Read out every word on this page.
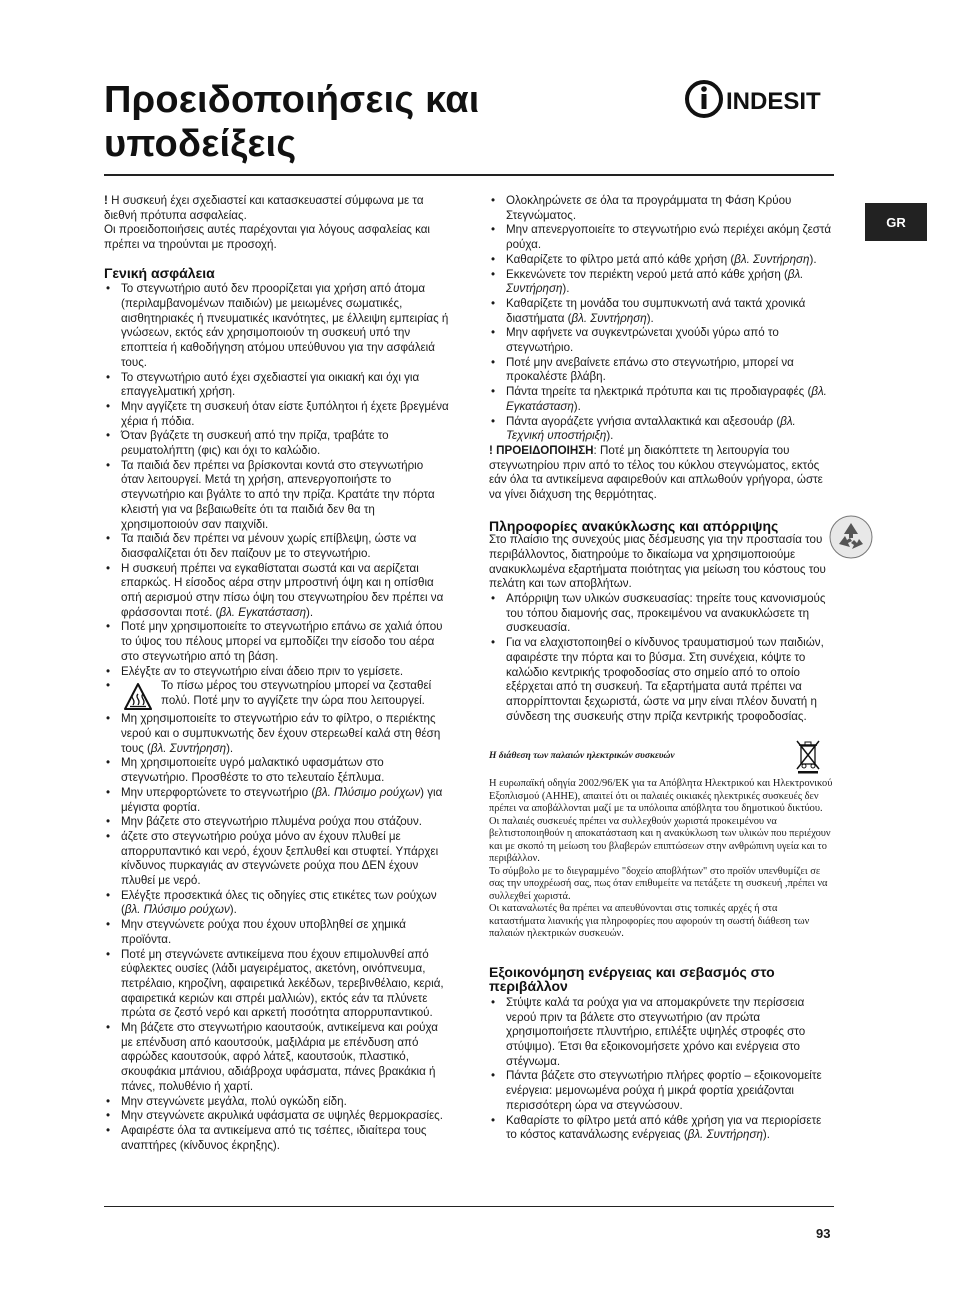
Προειδοποιήσεις και υποδείξεις
INDESIT
GR

! Η συσκευή έχει σχεδιαστεί και κατασκευαστεί σύμφωνα με τα διεθνή πρότυπα ασφαλείας.

Οι προειδοποιήσεις αυτές παρέχονται για λόγους ασφαλείας και πρέπει να τηρούνται με προσοχή.

Γενική ασφάλεια
• Το στεγνωτήριο αυτό δεν προορίζεται για χρήση από άτομα (περιλαμβανομένων παιδιών) με μειωμένες σωματικές, αισθητηριακές ή πνευματικές ικανότητες, με έλλειψη εμπειρίας ή γνώσεων, εκτός εάν χρησιμοποιούν τη συσκευή υπό την εποπτεία ή καθοδήγηση ατόμου υπεύθυνου για την ασφάλειά τους.
• Το στεγνωτήριο αυτό έχει σχεδιαστεί για οικιακή και όχι για επαγγελματική χρήση.
• Μην αγγίζετε τη συσκευή όταν είστε ξυπόλητοι ή έχετε βρεγμένα χέρια ή πόδια.
• Όταν βγάζετε τη συσκευή από την πρίζα, τραβάτε το ρευματολήπτη (φις) και όχι το καλώδιο.
• Τα παιδιά δεν πρέπει να βρίσκονται κοντά στο στεγνωτήριο όταν λειτουργεί. Μετά τη χρήση, απενεργοποιήστε το στεγνωτήριο και βγάλτε το από την πρίζα. Κρατάτε την πόρτα κλειστή για να βεβαιωθείτε ότι τα παιδιά δεν θα τη χρησιμοποιούν σαν παιχνίδι.
• Τα παιδιά δεν πρέπει να μένουν χωρίς επίβλεψη, ώστε να διασφαλίζεται ότι δεν παίζουν με το στεγνωτήριο.
• Η συσκευή πρέπει να εγκαθίσταται σωστά και να αερίζεται επαρκώς. Η είσοδος αέρα στην μπροστινή όψη και η οπίσθια οπή αερισμού στην πίσω όψη του στεγνωτηρίου δεν πρέπει να φράσσονται ποτέ. (βλ. Εγκατάσταση).
• Ποτέ μην χρησιμοποιείτε το στεγνωτήριο επάνω σε χαλιά όπου το ύψος του πέλους μπορεί να εμποδίζει την είσοδο του αέρα στο στεγνωτήριο από τη βάση.
• Ελέγξτε αν το στεγνωτήριο είναι άδειο πριν το γεμίσετε.
• Το πίσω μέρος του στεγνωτηρίου μπορεί να ζεσταθεί πολύ. Ποτέ μην το αγγίζετε την ώρα που λειτουργεί.
• Μη χρησιμοποιείτε το στεγνωτήριο εάν το φίλτρο, ο περιέκτης νερού και ο συμπυκνωτής δεν έχουν στερεωθεί καλά στη θέση τους (βλ. Συντήρηση).
• Μη χρησιμοποιείτε υγρό μαλακτικό υφασμάτων στο στεγνωτήριο. Προσθέστε το στο τελευταίο ξέπλυμα.
• Μην υπερφορτώνετε το στεγνωτήριο (βλ. Πλύσιμο ρούχων) για μέγιστα φορτία.
• Μην βάζετε στο στεγνωτήριο πλυμένα ρούχα που στάζουν.
• άζετε στο στεγνωτήριο ρούχα μόνο αν έχουν πλυθεί με απορρυπαντικό και νερό, έχουν ξεπλυθεί και στυφτεί. Υπάρχει κίνδυνος πυρκαγιάς αν στεγνώνετε ρούχα που ΔΕΝ έχουν πλυθεί με νερό.
• Ελέγξτε προσεκτικά όλες τις οδηγίες στις ετικέτες των ρούχων (βλ. Πλύσιμο ρούχων).
• Μην στεγνώνετε ρούχα που έχουν υποβληθεί σε χημικά προϊόντα.
• Ποτέ μη στεγνώνετε αντικείμενα που έχουν επιμολυνθεί από εύφλεκτες ουσίες (λάδι μαγειρέματος, ακετόνη, οινόπνευμα, πετρέλαιο, κηροζίνη, αφαιρετικά λεκέδων, τερεβινθέλαιο, κεριά, αφαιρετικά κεριών και σπρέι μαλλιών), εκτός εάν τα πλύνετε πρώτα σε ζεστό νερό και αρκετή ποσότητα απορρυπαντικού.
• Μη βάζετε στο στεγνωτήριο καουτσούκ, αντικείμενα και ρούχα με επένδυση από καουτσούκ, μαξιλάρια με επένδυση από αφρώδες καουτσούκ, αφρό λάτεξ, καουτσούκ, πλαστικό, σκουφάκια μπάνιου, αδιάβροχα υφάσματα, πάνες βρακάκια ή πάνες, πολυθένιο ή χαρτί.
• Μην στεγνώνετε μεγάλα, πολύ ογκώδη είδη.
• Μην στεγνώνετε ακρυλικά υφάσματα σε υψηλές θερμοκρασίες.
• Αφαιρέστε όλα τα αντικείμενα από τις τσέπες, ιδιαίτερα τους αναπτήρες (κίνδυνος έκρηξης).
• Ολοκληρώνετε σε όλα τα προγράμματα τη Φάση Κρύου Στεγνώματος.
• Μην απενεργοποιείτε το στεγνωτήριο ενώ περιέχει ακόμη ζεστά ρούχα.
• Καθαρίζετε το φίλτρο μετά από κάθε χρήση (βλ. Συντήρηση).
• Εκκενώνετε τον περιέκτη νερού μετά από κάθε χρήση (βλ. Συντήρηση).
• Καθαρίζετε τη μονάδα του συμπυκνωτή ανά τακτά χρονικά διαστήματα (βλ. Συντήρηση).
• Μην αφήνετε να συγκεντρώνεται χνούδι γύρω από το στεγνωτήριο.
• Ποτέ μην ανεβαίνετε επάνω στο στεγνωτήριο, μπορεί να προκαλέστε βλάβη.
• Πάντα τηρείτε τα ηλεκτρικά πρότυπα και τις προδιαγραφές (βλ. Εγκατάσταση).
• Πάντα αγοράζετε γνήσια ανταλλακτικά και αξεσουάρ (βλ. Τεχνική υποστήριξη).

! ΠΡΟΕΙΔΟΠΟΙΗΣΗ: Ποτέ μη διακόπτετε τη λειτουργία του στεγνωτηρίου πριν από το τέλος του κύκλου στεγνώματος, εκτός εάν όλα τα αντικείμενα αφαιρεθούν και απλωθούν γρήγορα, ώστε να γίνει διάχυση της θερμότητας.

Πληροφορίες ανακύκλωσης και απόρριψης

Στο πλαίσιο της συνεχούς μιας δέσμευσης για την προστασία του περιβάλλοντος, διατηρούμε το δικαίωμα να χρησιμοποιούμε ανακυκλωμένα εξαρτήματα ποιότητας για μείωση του κόστους του πελάτη και των αποβλήτων.

• Απόρριψη των υλικών συσκευασίας: τηρείτε τους κανονισμούς του τόπου διαμονής σας, προκειμένου να ανακυκλώσετε τη συσκευασία.
• Για να ελαχιστοποιηθεί ο κίνδυνος τραυματισμού των παιδιών, αφαιρέστε την πόρτα και το βύσμα. Στη συνέχεια, κόψτε το καλώδιο κεντρικής τροφοδοσίας στο σημείο από το οποίο εξέρχεται από τη συσκευή. Τα εξαρτήματα αυτά πρέπει να απορρίπτονται ξεχωριστά, ώστε να μην είναι πλέον δυνατή η σύνδεση της συσκευής στην πρίζα κεντρικής τροφοδοσίας.
Η διάθεση των παλαιών ηλεκτρικών συσκευών

Η ευρωπαϊκή οδηγία 2002/96/ΕΚ για τα Απόβλητα Ηλεκτρικού και Ηλεκτρονικού Εξοπλισμού (ΑΗΗΕ), απαιτεί ότι οι παλαιές οικιακές ηλεκτρικές συσκευές δεν πρέπει να αποβάλλονται μαζί με τα υπόλοιπα απόβλητα του δημοτικού δικτύου. Οι παλαιές συσκευές πρέπει να συλλεχθούν χωριστά προκειμένου να βελτιστοποιηθούν η αποκατάσταση και η ανακύκλωση των υλικών που περιέχουν και με σκοπό τη μείωση του βλαβερών επιπτώσεων στην ανθρώπινη υγεία και το περιβάλλον.

Το σύμβολο με το διεγραμμένο "δοχείο αποβλήτων" στο προϊόν υπενθυμίζει σε σας την υποχρέωσή σας, πως όταν επιθυμείτε να πετάξετε τη συσκευή ,πρέπει να συλλεχθεί χωριστά.

Οι καταναλωτές θα πρέπει να απευθύνονται στις τοπικές αρχές ή στα καταστήματα λιανικής για πληροφορίες που αφορούν τη σωστή διάθεση των παλαιών ηλεκτρικών συσκευών.

Εξοικονόμηση ενέργειας και σεβασμός στο περιβάλλον
• Στύψτε καλά τα ρούχα για να απομακρύνετε την περίσσεια νερού πριν τα βάλετε στο στεγνωτήριο (αν πρώτα χρησιμοποιήσετε πλυντήριο, επιλέξτε υψηλές στροφές στο στύψιμο). Έτσι θα εξοικονομήσετε χρόνο και ενέργεια στο στέγνωμα.
• Πάντα βάζετε στο στεγνωτήριο πλήρες φορτίο – εξοικονομείτε ενέργεια: μεμονωμένα ρούχα ή μικρά φορτία χρειάζονται περισσότερη ώρα να στεγνώσουν.
• Καθαρίστε το φίλτρο μετά από κάθε χρήση για να περιορίσετε το κόστος κατανάλωσης ενέργειας (βλ. Συντήρηση).
93
